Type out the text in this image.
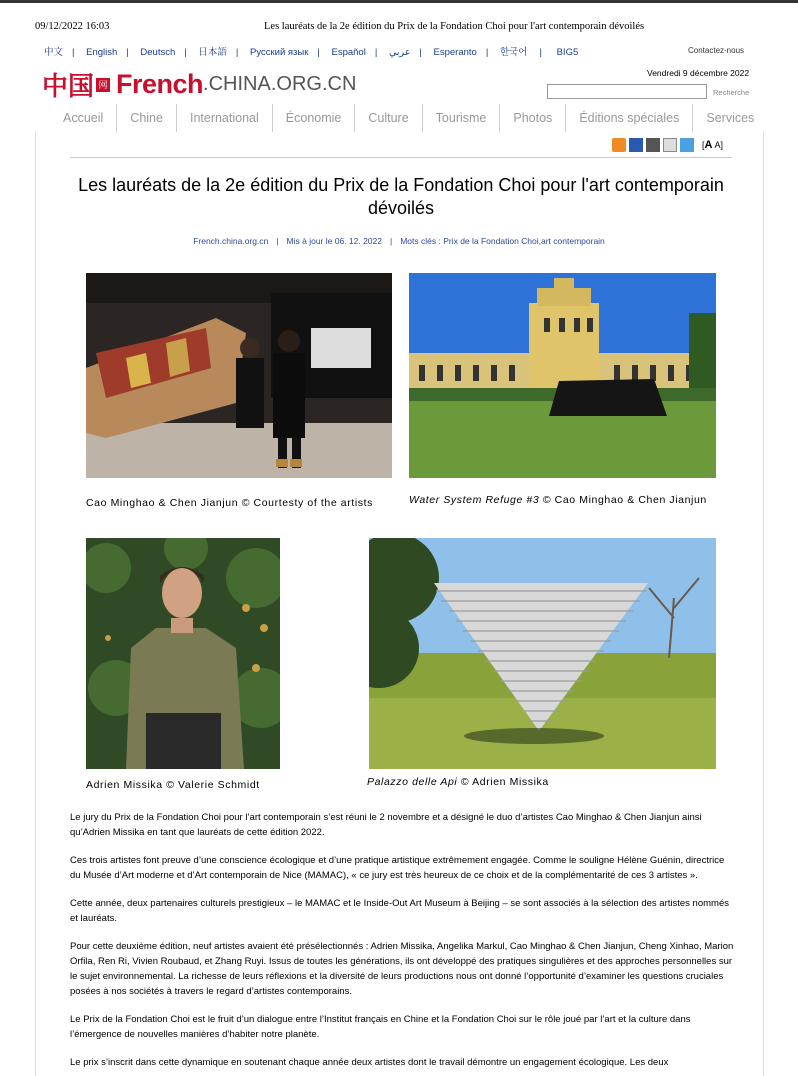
09/12/2022 16:03	Les lauréats de la 2e édition du Prix de la Fondation Choi pour l'art contemporain dévoilés
中文 | English | Deutsch | 日本語 | Русский язык | Español | عربي | Esperanto | 한국어 | BIG5	Contactez-nous
中国 网 French.CHINA.ORG.CN	Vendredi 9 décembre 2022
Recherche
Accueil	Chine	International	Économie	Culture	Tourisme	Photos	Éditions spéciales	Services
[A A]
Les lauréats de la 2e édition du Prix de la Fondation Choi pour l'art contemporain dévoilés
French.china.org.cn | Mis à jour le 06. 12. 2022 | Mots clés : Prix de la Fondation Choi,art contemporain
Cao Minghao & Chen Jianjun © Courtesty of the artists	Water System Refuge #3 © Cao Minghao & Chen Jianjun
Adrien Missika © Valerie Schmidt	Palazzo delle Api © Adrien Missika

Le jury du Prix de la Fondation Choi pour l’art contemporain s’est réuni le 2 novembre et a désigné le duo d’artistes Cao Minghao & Chen Jianjun ainsi qu’Adrien Missika en tant que lauréats de cette édition 2022.

Ces trois artistes font preuve d’une conscience écologique et d’une pratique artistique extrêmement engagée. Comme le souligne Hélène Guénin, directrice du Musée d’Art moderne et d’Art contemporain de Nice (MAMAC), « ce jury est très heureux de ce choix et de la complémentarité de ces 3 artistes ».

Cette année, deux partenaires culturels prestigieux – le MAMAC et le Inside-Out Art Museum à Beijing – se sont associés à la sélection des artistes nommés et lauréats.

Pour cette deuxième édition, neuf artistes avaient été présélectionnés : Adrien Missika, Angelika Markul, Cao Minghao & Chen Jianjun, Cheng Xinhao, Marion Orfila, Ren Ri, Vivien Roubaud, et Zhang Ruyi. Issus de toutes les générations, ils ont développé des pratiques singulières et des approches personnelles sur le sujet environnemental. La richesse de leurs réflexions et la diversité de leurs productions nous ont donné l’opportunité d’examiner les questions cruciales posées à nos sociétés à travers le regard d’artistes contemporains.

Le Prix de la Fondation Choi est le fruit d’un dialogue entre l’Institut français en Chine et la Fondation Choi sur le rôle joué par l’art et la culture dans l’émergence de nouvelles manières d’habiter notre planète.

Le prix s’inscrit dans cette dynamique en soutenant chaque année deux artistes dont le travail démontre un engagement écologique. Les deux
